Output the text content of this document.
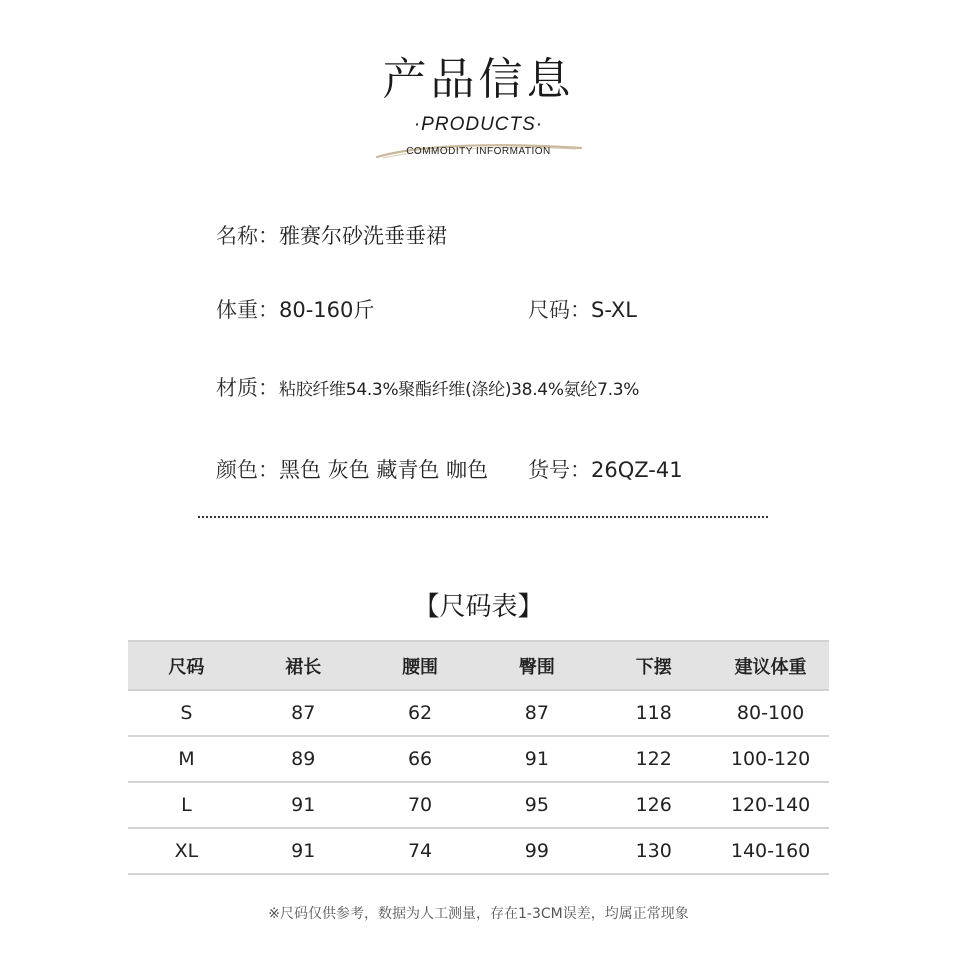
产品信息
·PRODUCTS·
COMMODITY INFORMATION
名称：雅赛尔砂洗垂垂裙
体重：80-160斤	尺码：S-XL
材质：粘胶纤维54.3%聚酯纤维(涤纶)38.4%氨纶7.3%
颜色：黑色 灰色 藏青色 咖色 货号：26QZ-41
【尺码表】
尺码	裙长	腰围	臀围	下摆	建议体重
S	87	62	87	118	80-100
M	89	66	91	122	100-120
L	91	70	95	126	120-140
XL	91	74	99	130	140-160
※尺码仅供参考，数据为人工测量，存在1-3CM误差，均属正常现象
